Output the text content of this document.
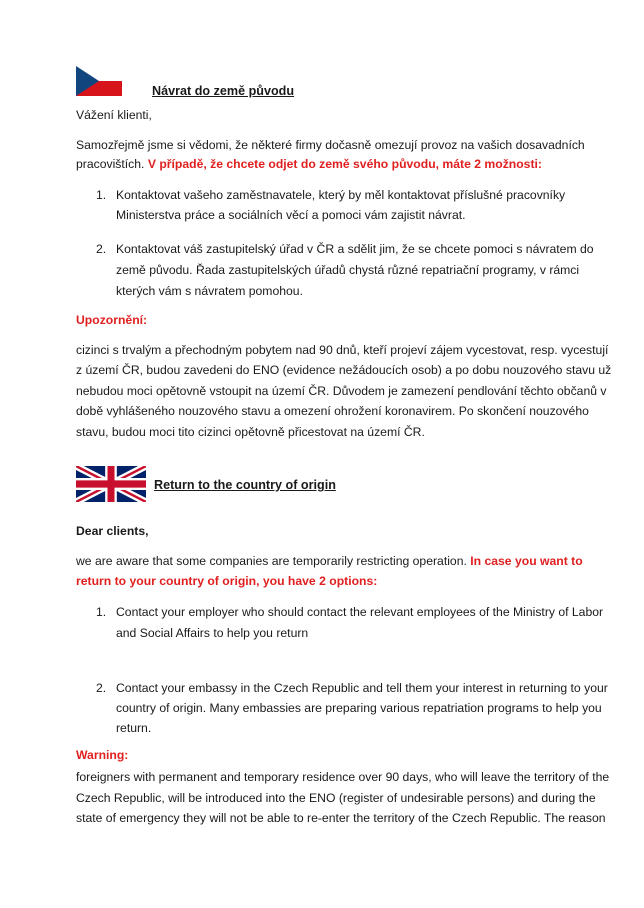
Návrat do země původu
Vážení klienti,
Samozřejmě jsme si vědomi, že některé firmy dočasně omezují provoz na vašich dosavadních
pracovištích. V případě, že chcete odjet do země svého původu, máte 2 možnosti:
1. Kontaktovat vašeho zaměstnavatele, který by měl kontaktovat příslušné pracovníky
Ministerstva práce a sociálních věcí a pomoci vám zajistit návrat.
2. Kontaktovat váš zastupitelský úřad v ČR a sdělit jim, že se chcete pomoci s návratem do
země původu. Řada zastupitelských úřadů chystá různé repatriační programy, v rámci
kterých vám s návratem pomohou.
Upozornění:
cizinci s trvalým a přechodným pobytem nad 90 dnů, kteří projeví zájem vycestovat, resp. vycestují
z území ČR, budou zavedeni do ENO (evidence nežádoucích osob) a po dobu nouzového stavu už
nebudou moci opětovně vstoupit na území ČR. Důvodem je zamezení pendlování těchto občanů v
době vyhlášeného nouzového stavu a omezení ohrožení koronavirem. Po skončení nouzového
stavu, budou moci tito cizinci opětovně přicestovat na území ČR.
Return to the country of origin
Dear clients,
we are aware that some companies are temporarily restricting operation. In case you want to
return to your country of origin, you have 2 options:
1. Contact your employer who should contact the relevant employees of the Ministry of Labor
and Social Affairs to help you return
2. Contact your embassy in the Czech Republic and tell them your interest in returning to your
country of origin. Many embassies are preparing various repatriation programs to help you
return.
Warning:
foreigners with permanent and temporary residence over 90 days, who will leave the territory of the
Czech Republic, will be introduced into the ENO (register of undesirable persons) and during the
state of emergency they will not be able to re-enter the territory of the Czech Republic. The reason
